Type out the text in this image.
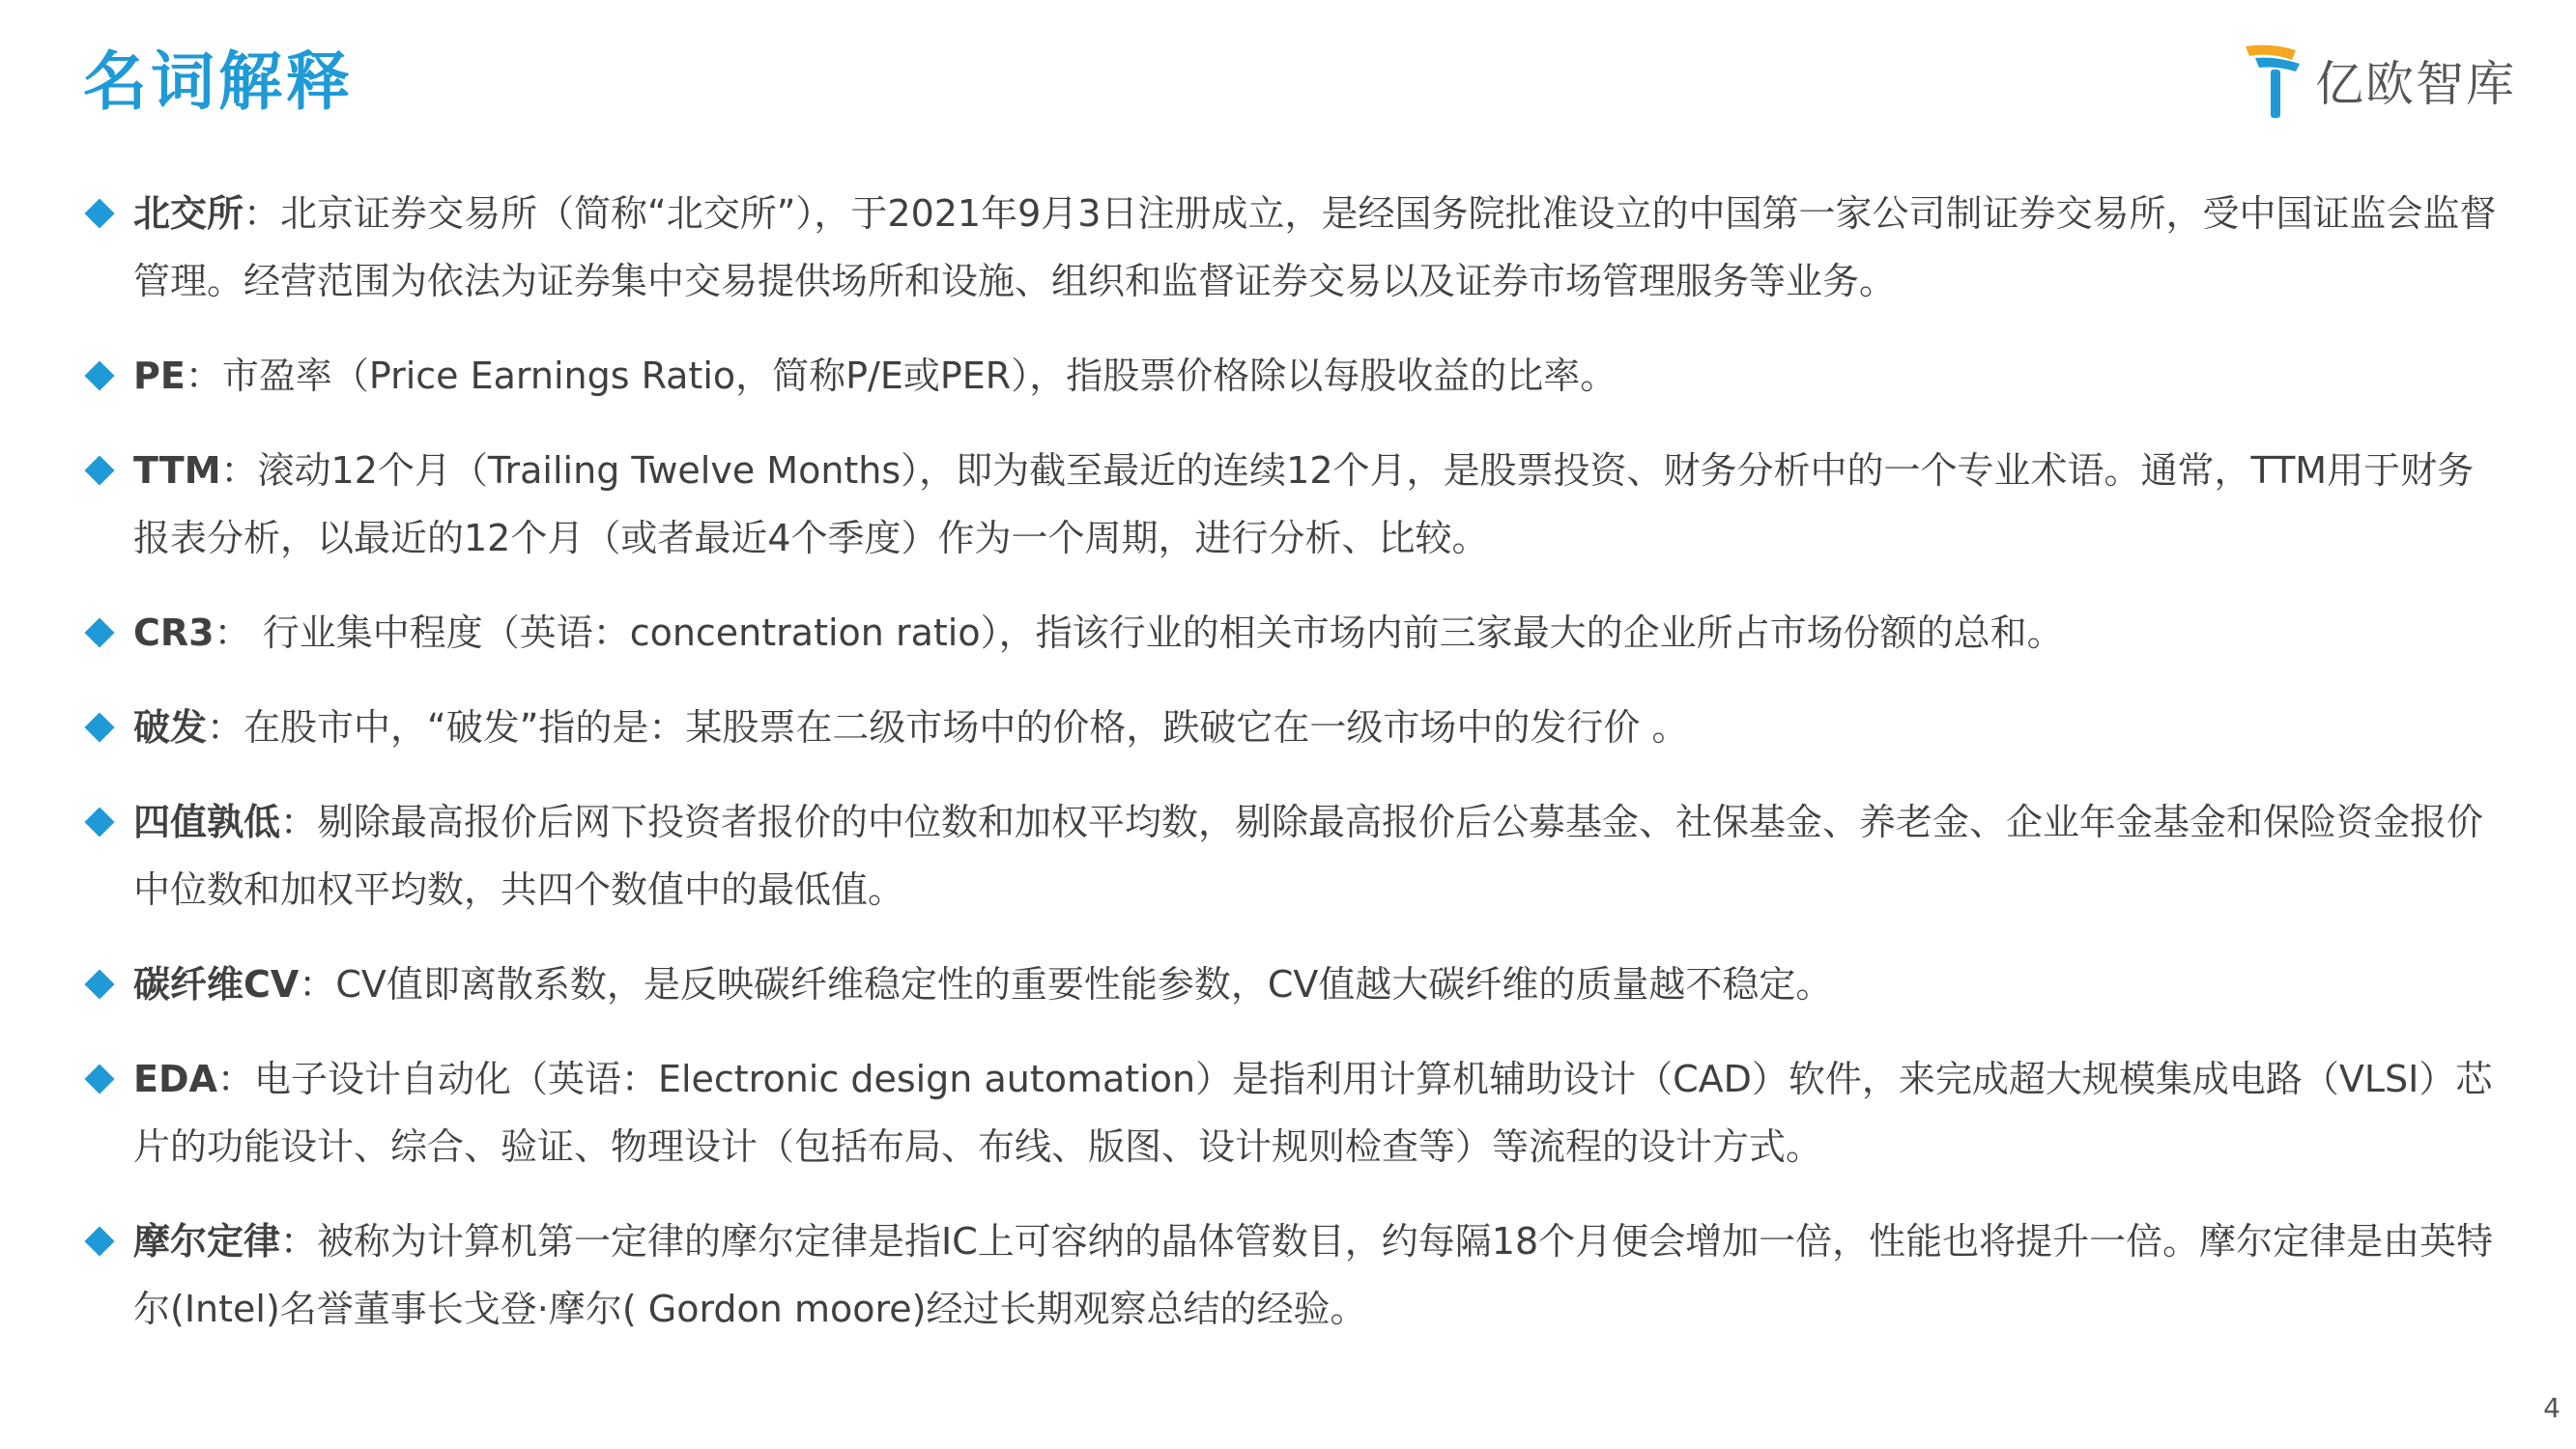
名词解释	亿欧智库
北交所：北京证券交易所（简称“北交所”），于2021年9月3日注册成立，是经国务院批准设立的中国第一家公司制证券交易所，受中国证监会监督管理。经营范围为依法为证券集中交易提供场所和设施、组织和监督证券交易以及证券市场管理服务等业务。
PE：市盈率（Price Earnings Ratio，简称P/E或PER），指股票价格除以每股收益的比率。
TTM：滚动12个月（Trailing Twelve Months），即为截至最近的连续12个月，是股票投资、财务分析中的一个专业术语。通常，TTM用于财务报表分析，以最近的12个月（或者最近4个季度）作为一个周期，进行分析、比较。
CR3： 行业集中程度（英语：concentration ratio），指该行业的相关市场内前三家最大的企业所占市场份额的总和。
破发：在股市中，“破发”指的是：某股票在二级市场中的价格，跌破它在一级市场中的发行价 。
四值孰低：剔除最高报价后网下投资者报价的中位数和加权平均数，剔除最高报价后公募基金、社保基金、养老金、企业年金基金和保险资金报价中位数和加权平均数，共四个数值中的最低值。
碳纤维CV：CV值即离散系数，是反映碳纤维稳定性的重要性能参数，CV值越大碳纤维的质量越不稳定。
EDA：电子设计自动化（英语：Electronic design automation）是指利用计算机辅助设计（CAD）软件，来完成超大规模集成电路（VLSI）芯片的功能设计、综合、验证、物理设计（包括布局、布线、版图、设计规则检查等）等流程的设计方式。
摩尔定律：被称为计算机第一定律的摩尔定律是指IC上可容纳的晶体管数目，约每隔18个月便会增加一倍，性能也将提升一倍。摩尔定律是由英特尔(Intel)名誉董事长戈登·摩尔( Gordon moore)经过长期观察总结的经验。
4
